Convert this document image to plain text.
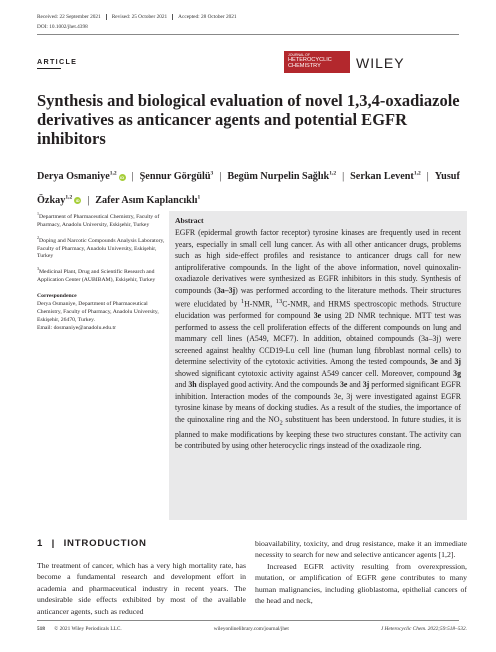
Received: 22 September 2021	Revised: 25 October 2021	Accepted: 28 October 2021
DOI: 10.1002/jhet.4398
ARTICLE
JOURNAL OF
HETEROCYCLIC CHEMISTRY	WILEY
Synthesis and biological evaluation of novel 1,3,4-oxadiazole derivatives as anticancer agents and potential EGFR inhibitors
Derya Osmaniye$^{1,2}$iD | Şennur Görgülü$^3$ | Begüm Nurpelin Sağlık$^{1,2}$ | Serkan Levent$^{1,2}$ | Yusuf Özkay$^{1,2}$iD | Zafer Asım Kaplancıklı$^1$

$^1$Department of Pharmaceutical Chemistry, Faculty of Pharmacy, Anadolu University, Eskişehir, Turkey

$^2$Doping and Narcotic Compounds Analysis Laboratory, Faculty of Pharmacy, Anadolu University, Eskişehir, Turkey

$^3$Medicinal Plant, Drug and Scientific Research and Application Center (AUBIBAM), Eskişehir, Turkey

Correspondence
Derya Osmaniye, Department of Pharmaceutical Chemistry, Faculty of Pharmacy, Anadolu University, Eskişehir, 26470, Turkey.
Email: dosmaniye@anadolu.edu.tr

Abstract
EGFR (epidermal growth factor receptor) tyrosine kinases are frequently used in recent years, especially in small cell lung cancer. As with all other anticancer drugs, problems such as high side-effect profiles and resistance to anticancer drugs call for new antiproliferative compounds. In the light of the above information, novel quinoxalin-oxadiazole derivatives were synthesized as EGFR inhibitors in this study. Synthesis of compounds (3a–3j) was performed according to the literature methods. Their structures were elucidated by $^1$H-NMR, $^{13}$C-NMR, and HRMS spectroscopic methods. Structure elucidation was performed for compound 3e using 2D NMR technique. MTT test was performed to assess the cell proliferation effects of the different compounds on lung and mammary cell lines (A549, MCF7). In addition, obtained compounds (3a–3j) were screened against healthy CCD19-Lu cell line (human lung fibroblast normal cells) to determine selectivity of the cytotoxic activities. Among the tested compounds, 3e and 3j showed significant cytotoxic activity against A549 cancer cell. Moreover, compound 3g and 3h displayed good activity. And the compounds 3e and 3j performed significant EGFR inhibition. Interaction modes of the compounds 3e, 3j were investigated against EGFR tyrosine kinase by means of docking studies. As a result of the studies, the importance of the quinoxaline ring and the $NO_2$ substituent has been understood. In future studies, it is planned to make modifications by keeping these two structures constant. The activity can be contributed by using other heterocyclic rings instead of the oxadizaole ring.
1 | INTRODUCTION

The treatment of cancer, which has a very high mortality rate, has become a fundamental research and development effort in academia and pharmaceutical industry in recent years. The undesirable side effects exhibited by most of the available anticancer agents, such as reduced

bioavailability, toxicity, and drug resistance, make it an immediate necessity to search for new and selective anticancer agents [1,2].

Increased EGFR activity resulting from overexpression, mutation, or amplification of EGFR gene contributes to many human malignancies, including glioblastoma, epithelial cancers of the head and neck,

518 © 2021 Wiley Periodicals LLC.	wileyonlinelibrary.com/journal/jhet	J Heterocyclic Chem. 2022;59:518–532.
